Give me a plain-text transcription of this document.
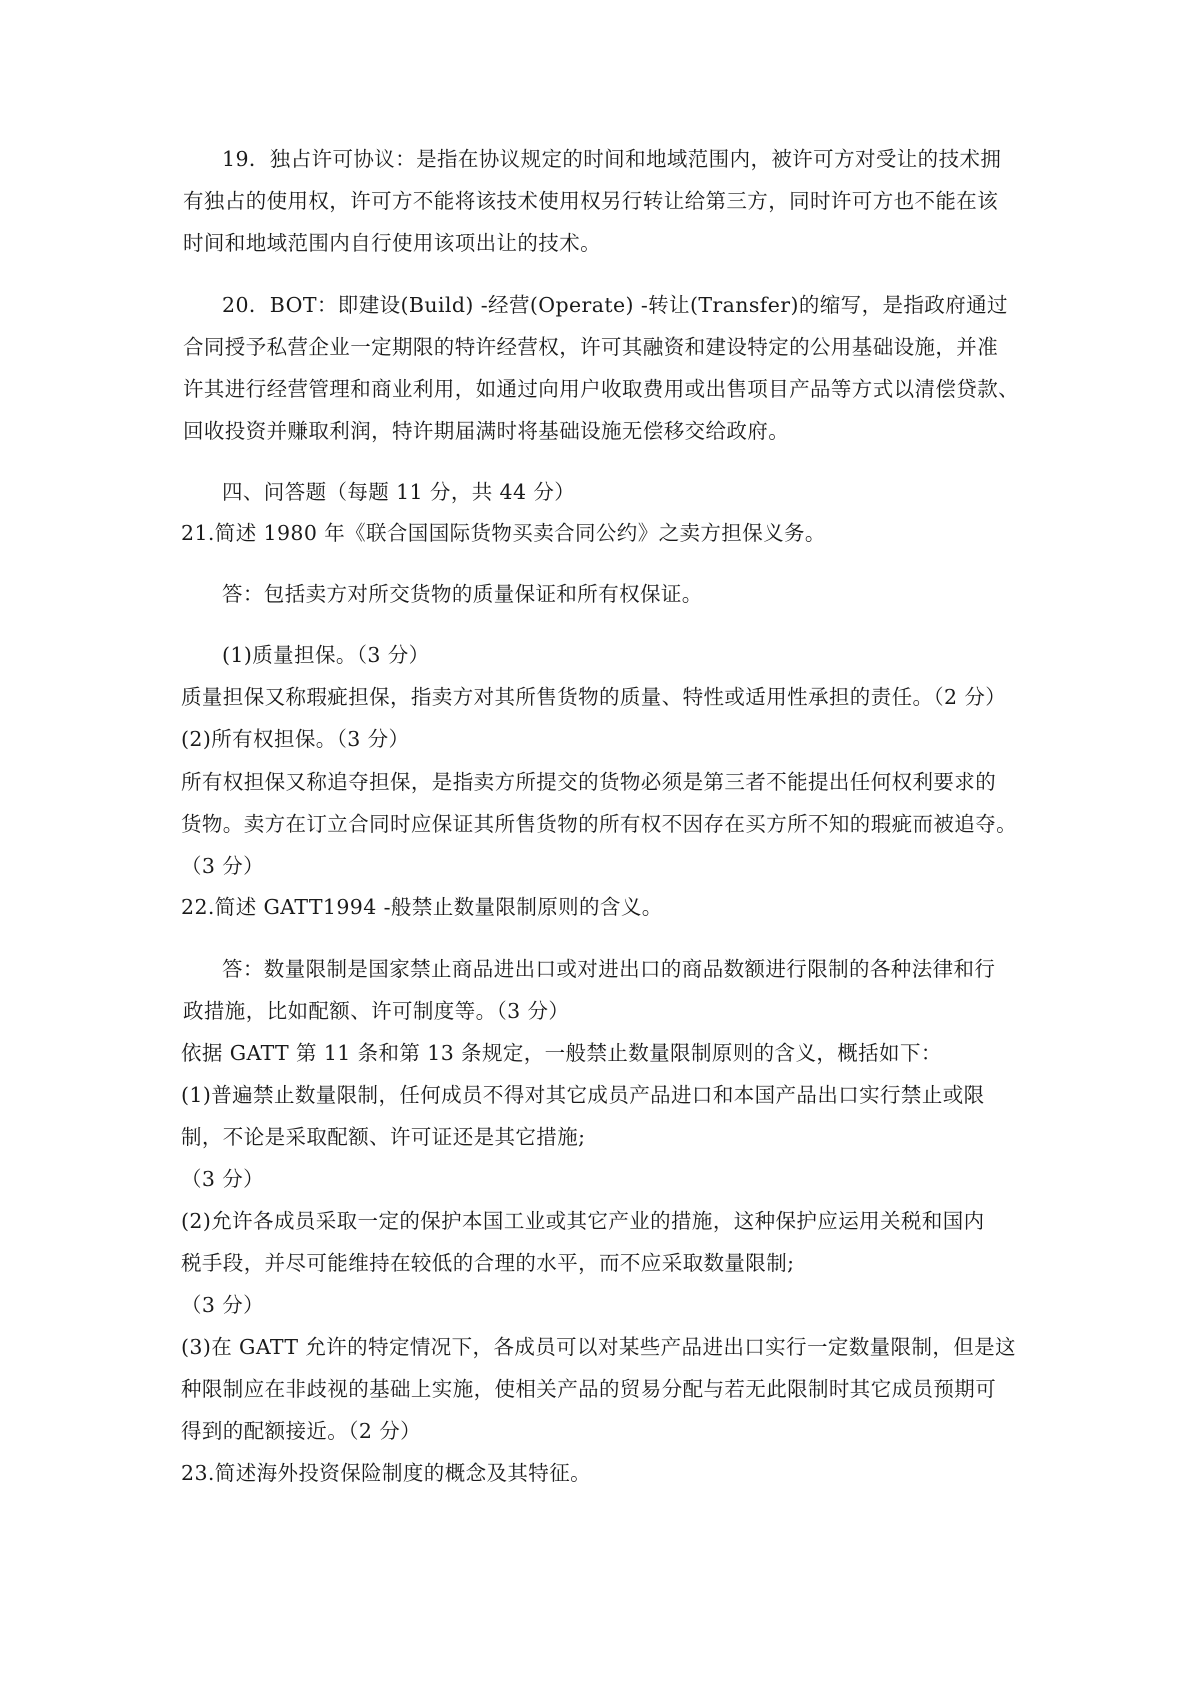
19．独占许可协议：是指在协议规定的时间和地域范围内，被许可方对受让的技术拥
有独占的使用权，许可方不能将该技术使用权另行转让给第三方，同时许可方也不能在该
时间和地域范围内自行使用该项出让的技术。
20．BOT：即建设(Build) -经营(Operate) -转让(Transfer)的缩写，是指政府通过
合同授予私营企业一定期限的特许经营权，许可其融资和建设特定的公用基础设施，并准
许其进行经营管理和商业利用，如通过向用户收取费用或出售项目产品等方式以清偿贷款、
回收投资并赚取利润，特许期届满时将基础设施无偿移交给政府。
四、问答题（每题 11 分，共 44 分）
21.简述 1980 年《联合国国际货物买卖合同公约》之卖方担保义务。
答：包括卖方对所交货物的质量保证和所有权保证。
(1)质量担保。（3 分）
质量担保又称瑕疵担保，指卖方对其所售货物的质量、特性或适用性承担的责任。（2 分）
(2)所有权担保。（3 分）
所有权担保又称追夺担保，是指卖方所提交的货物必须是第三者不能提出任何权利要求的
货物。卖方在订立合同时应保证其所售货物的所有权不因存在买方所不知的瑕疵而被追夺。
（3 分）
22.简述 GATT1994 -般禁止数量限制原则的含义。
答：数量限制是国家禁止商品进出口或对进出口的商品数额进行限制的各种法律和行
政措施，比如配额、许可制度等。（3 分）
依据 GATT 第 11 条和第 13 条规定，一般禁止数量限制原则的含义，概括如下：
(1)普遍禁止数量限制，任何成员不得对其它成员产品进口和本国产品出口实行禁止或限
制，不论是采取配额、许可证还是其它措施;
（3 分）
(2)允许各成员采取一定的保护本国工业或其它产业的措施，这种保护应运用关税和国内
税手段，并尽可能维持在较低的合理的水平，而不应采取数量限制;
（3 分）
(3)在 GATT 允许的特定情况下，各成员可以对某些产品进出口实行一定数量限制，但是这
种限制应在非歧视的基础上实施，使相关产品的贸易分配与若无此限制时其它成员预期可
得到的配额接近。（2 分）
23.简述海外投资保险制度的概念及其特征。
